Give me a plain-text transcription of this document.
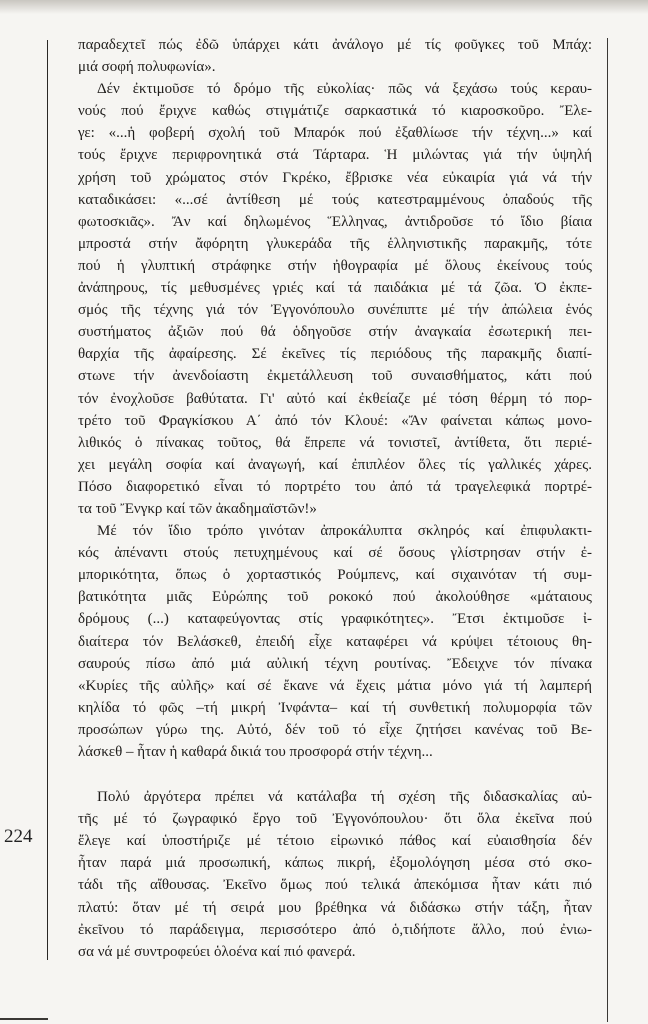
224
παραδεχτεῖ πώς ἐδῶ ὑπάρχει κάτι ἀνάλογο μέ τίς φοῦγκες τοῦ Μπάχ:
μιά σοφή πολυφωνία».
Δέν ἐκτιμοῦσε τό δρόμο τῆς εὐκολίας· πῶς νά ξεχάσω τούς κεραυ-
νούς πού ἔριχνε καθώς στιγμάτιζε σαρκαστικά τό κιαροσκοῦρο. Ἔλε-
γε: «...ἡ φοβερή σχολή τοῦ Μπαρόκ πού ἐξαθλίωσε τήν τέχνη...» καί
τούς ἔριχνε περιφρονητικά στά Τάρταρα. Ἡ μιλώντας γιά τήν ὑψηλή
χρήση τοῦ χρώματος στόν Γκρέκο, ἔβρισκε νέα εὐκαιρία γιά νά τήν
καταδικάσει: «...σέ ἀντίθεση μέ τούς κατεστραμμένους ὀπαδούς τῆς
φωτοσκιᾶς». Ἄν καί δηλωμένος Ἕλληνας, ἀντιδροῦσε τό ἴδιο βίαια
μπροστά στήν ἄφόρητη γλυκεράδα τῆς ἑλληνιστικῆς παρακμῆς, τότε
πού ἡ γλυπτική στράφηκε στήν ἠθογραφία μέ ὅλους ἐκείνους τούς
ἀνάπηρους, τίς μεθυσμένες γριές καί τά παιδάκια μέ τά ζῶα. Ὁ ἐκπε-
σμός τῆς τέχνης γιά τόν Ἐγγονόπουλο συνέπιπτε μέ τήν ἀπώλεια ἑνός
συστήματος ἀξιῶν πού θά ὁδηγοῦσε στήν ἀναγκαία ἐσωτερική πει-
θαρχία τῆς ἀφαίρεσης. Σέ ἐκεῖνες τίς περιόδους τῆς παρακμῆς διαπί-
στωνε τήν ἀνενδοίαστη ἐκμετάλλευση τοῦ συναισθήματος, κάτι πού
τόν ἐνοχλοῦσε βαθύτατα. Γι' αὐτό καί ἐκθείαζε μέ τόση θέρμη τό πορ-
τρέτο τοῦ Φραγκίσκου Α΄ ἀπό τόν Κλουέ: «Ἄν φαίνεται κάπως μονο-
λιθικός ὁ πίνακας τοῦτος, θά ἔπρεπε νά τονιστεῖ, ἀντίθετα, ὅτι περιέ-
χει μεγάλη σοφία καί ἀναγωγή, καί ἐπιπλέον ὅλες τίς γαλλικές χάρες.
Πόσο διαφορετικό εἶναι τό πορτρέτο του ἀπό τά τραγελεφικά πορτρέ-
τα τοῦ Ἔνγκρ καί τῶν ἀκαδημαϊστῶν!»
Μέ τόν ἴδιο τρόπο γινόταν ἀπροκάλυπτα σκληρός καί ἐπιφυλακτι-
κός ἀπέναντι στούς πετυχημένους καί σέ ὅσους γλίστρησαν στήν ἐ-
μπορικότητα, ὅπως ὁ χορταστικός Ρούμπενς, καί σιχαινόταν τή συμ-
βατικότητα μιᾶς Εὐρώπης τοῦ ροκοκό πού ἀκολούθησε «μάταιους
δρόμους (...) καταφεύγοντας στίς γραφικότητες». Ἔτσι ἐκτιμοῦσε ἰ-
διαίτερα τόν Βελάσκεθ, ἐπειδή εἶχε καταφέρει νά κρύψει τέτοιους θη-
σαυρούς πίσω ἀπό μιά αὐλική τέχνη ρουτίνας. Ἔδειχνε τόν πίνακα
«Κυρίες τῆς αὐλῆς» καί σέ ἔκανε νά ἔχεις μάτια μόνο γιά τή λαμπερή
κηλίδα τό φῶς –τή μικρή Ἰνφάντα– καί τή συνθετική πολυμορφία τῶν
προσώπων γύρω της. Αὐτό, δέν τοῦ τό εἶχε ζητήσει κανένας τοῦ Βε-
λάσκεθ – ἦταν ἡ καθαρά δικιά του προσφορά στήν τέχνη...
Πολύ ἀργότερα πρέπει νά κατάλαβα τή σχέση τῆς διδασκαλίας αὐ-
τῆς μέ τό ζωγραφικό ἔργο τοῦ Ἐγγονόπουλου· ὅτι ὅλα ἐκεῖνα πού
ἔλεγε καί ὑποστήριζε μέ τέτοιο εἰρωνικό πάθος καί εὐαισθησία δέν
ἦταν παρά μιά προσωπική, κάπως πικρή, ἐξομολόγηση μέσα στό σκο-
τάδι τῆς αἴθουσας. Ἐκεῖνο ὅμως πού τελικά ἀπεκόμισα ἦταν κάτι πιό
πλατύ: ὅταν μέ τή σειρά μου βρέθηκα νά διδάσκω στήν τάξη, ἦταν
ἐκεῖνου τό παράδειγμα, περισσότερο ἀπό ὁ,τιδήποτε ἄλλο, πού ἐνιω-
σα νά μέ συντροφεύει ὁλοένα καί πιό φανερά.
